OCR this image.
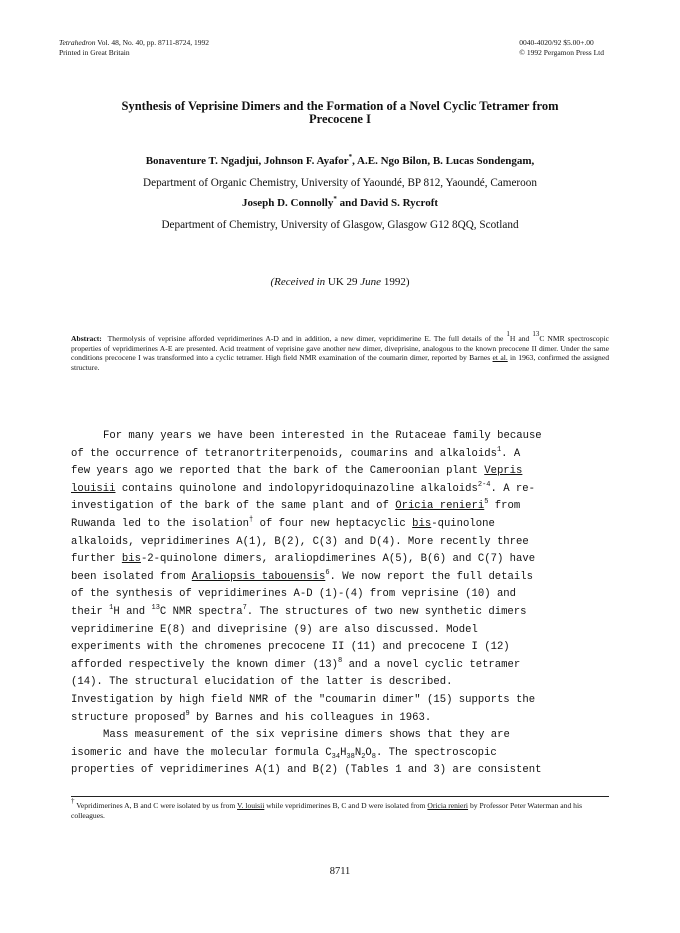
Tetrahedron Vol. 48, No. 40, pp. 8711-8724, 1992
Printed in Great Britain
0040-4020/92 $5.00+.00
© 1992 Pergamon Press Ltd
Synthesis of Veprisine Dimers and the Formation of a Novel Cyclic Tetramer from
Precocene I
Bonaventure T. Ngadjui, Johnson F. Ayafor*, A.E. Ngo Bilon, B. Lucas Sondengam,
Department of Organic Chemistry, University of Yaoundé, BP 812, Yaoundé, Cameroon
Joseph D. Connolly* and David S. Rycroft
Department of Chemistry, University of Glasgow, Glasgow G12 8QQ, Scotland
(Received in UK 29 June 1992)
Abstract: Thermolysis of veprisine afforded vepridimerines A-D and in addition, a new dimer, vepridimerine E. The full details of the $^1$H and $^{13}$C NMR spectroscopic properties of vepridimerines A-E are presented. Acid treatment of veprisine gave another new dimer, diveprisine, analogous to the known precocene II dimer. Under the same conditions precocene I was transformed into a cyclic tetramer. High field NMR examination of the coumarin dimer, reported by Barnes et al. in 1963, confirmed the assigned structure.
For many years we have been interested in the Rutaceae family because
of the occurrence of tetranortriterpenoids, coumarins and alkaloids$^1$. A
few years ago we reported that the bark of the Cameroonian plant Vepris
louisii contains quinolone and indolopyridoquinazoline alkaloids$^{2-4}$. A re-
investigation of the bark of the same plant and of Oricia renieri$^5$ from
Ruwanda led to the isolation† of four new heptacyclic bis-quinolone
alkaloids, vepridimerines A(1), B(2), C(3) and D(4). More recently three
further bis-2-quinolone dimers, araliopdimerines A(5), B(6) and C(7) have
been isolated from Araliopsis tabouensis$^6$. We now report the full details
of the synthesis of vepridimerines A-D (1)-(4) from veprisine (10) and
their $^1$H and $^{13}$C NMR spectra$^7$. The structures of two new synthetic dimers
vepridimerine E(8) and diveprisine (9) are also discussed. Model
experiments with the chromenes precocene II (11) and precocene I (12)
afforded respectively the known dimer $(13)^8$ and a novel cyclic tetramer
(14). The structural elucidation of the latter is described.
Investigation by high field NMR of the "coumarin dimer" (15) supports the
structure proposed$^9$ by Barnes and his colleagues in 1963.
Mass measurement of the six veprisine dimers shows that they are
isomeric and have the molecular formula $C_{34}H_{38}N_2O_8$. The spectroscopic
properties of vepridimerines A(1) and B(2) (Tables 1 and 3) are consistent
† Vepridimerines A, B and C were isolated by us from V. louisii while vepridimerines B, C and D were isolated from Oricia renieri by Professor Peter Waterman and his colleagues.
8711
